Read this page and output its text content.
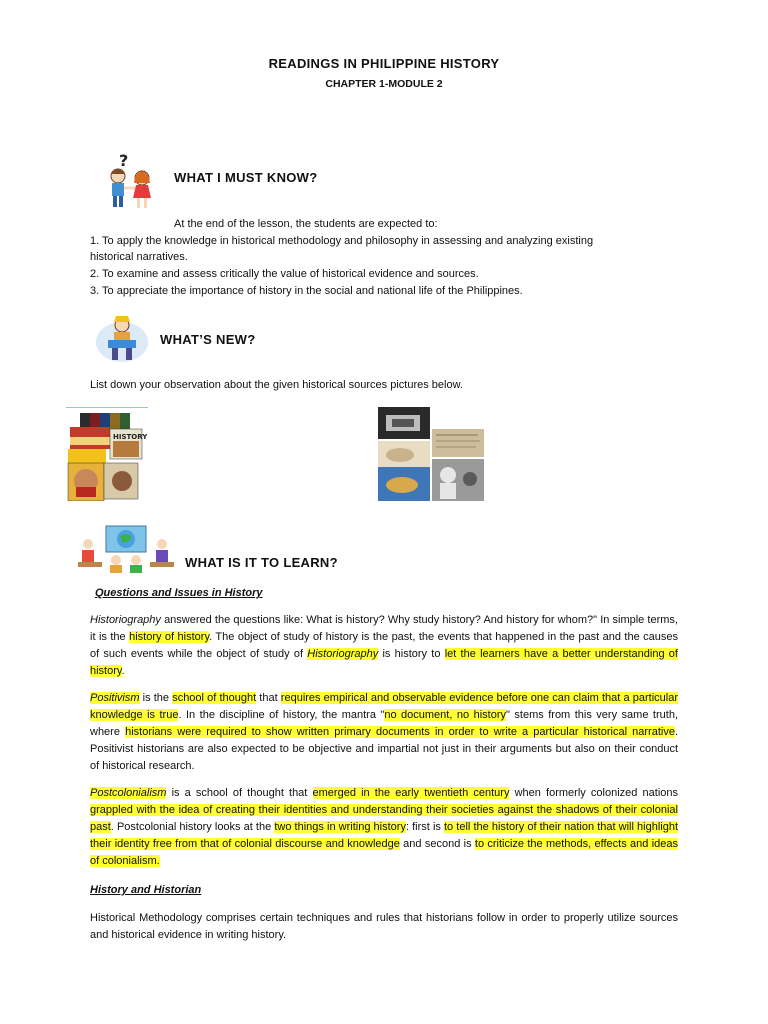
READINGS IN PHILIPPINE HISTORY
CHAPTER 1-MODULE 2
?
WHAT I MUST KNOW?
At the end of the lesson, the students are expected to:
1. To apply the knowledge in historical methodology and philosophy in assessing and analyzing existing
historical narratives.
2. To examine and assess critically the value of historical evidence and sources.
3. To appreciate the importance of history in the social and national life of the Philippines.
WHAT’S NEW?
List down your observation about the given historical sources pictures below.
HISTORY
WHAT IS IT TO LEARN?
Questions and Issues in History
Historiography answered the questions like: What is history? Why study history? And history for whom?" In simple terms, it is the history of history. The object of study of history is the past, the events that happened in the past and the causes of such events while the object of study of Historiography is history to let the learners have a better understanding of history.
Positivism is the school of thought that requires empirical and observable evidence before one can claim that a particular knowledge is true. In the discipline of history, the mantra "no document, no history" stems from this very same truth, where historians were required to show written primary documents in order to write a particular historical narrative. Positivist historians are also expected to be objective and impartial not just in their arguments but also on their conduct of historical research.
Postcolonialism is a school of thought that emerged in the early twentieth century when formerly colonized nations grappled with the idea of creating their identities and understanding their societies against the shadows of their colonial past. Postcolonial history looks at the two things in writing history: first is to tell the history of their nation that will highlight their identity free from that of colonial discourse and knowledge and second is to criticize the methods, effects and ideas of colonialism.
History and Historian
Historical Methodology comprises certain techniques and rules that historians follow in order to properly utilize sources and historical evidence in writing history.
